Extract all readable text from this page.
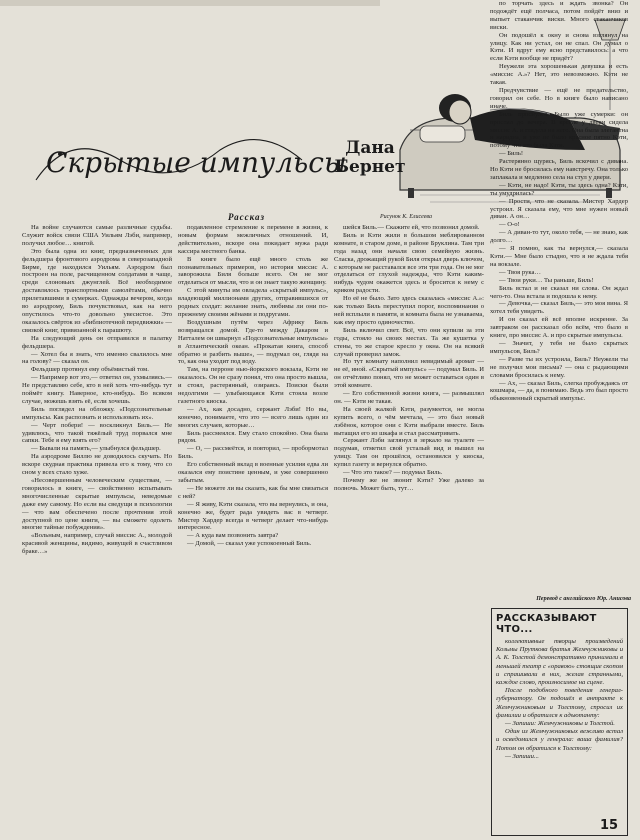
Скрытые импульсы
Дана Бернет
Рассказ	Рисунок К. Елисеева

На войне случаются самые различные судьбы. Служит войск связи США Уильям Лэби, например, получил любое… книгой.

Это была одна из книг, предназначенных для фельдшера фронтового аэродрома в северозападной Бирме, где находился Уильям. Аэродром был построен на поле, расчищенном солдатами в чаще, среди слоновьих джунглей. Всё необходимое доставлялось транспортными самолётами, обычно прилетавшими в сумерках. Однажды вечером, когда во аэродрому, Биль почувствовал, как на него опустилось что-то довольно увесистое. Это оказалось свёрток из «библиотечной передвижки» — связкой книг, привязанной к парашюту.

На следующий день он отправился в палатку фельдшера.

— Хотел бы я знать, что именно свалилось мне на голову? — сказал он.

Фельдшер протянул ему объёмистый том.

— Например вот это,— ответил он, ухмыляясь.— Не представляю себе, кто в ней хоть что-нибудь тут поймёт книгу. Наверное, кто-нибудь. Во всяком случае, можешь взять её, если хочешь.

Биль поглядел на обложку. «Подсознательные импульсы. Как распознать и использовать их».

— Черт побери! — воскликнул Биль.— Не удивлюсь, что такой тяжёлый труд порвался мне сапки. Тебе я ему взять его?

— Бывали на память,— улыбнулся фельдшер.

На аэродроме Биллю не доводилось скучать. Но вскоре скудная практика привела его к тому, что со сном у всех стало хуже.

«Несовершенным человеческим существам, — говорилось в книге, — свойственно испытывать многочисленные скрытые импульсы, неведомые даже ему самому. Но если вы сведущи в психологии — что вам обеспечено после прочтения этой доступной по цене книги, — вы сможете одолеть многие тайные побуждения».

«Вольным, например, случай миссис А., молодой красивой женщины, видимо, живущей в счастливом браке…»

подавленное стремление к перемене в жизни, к новым формам межличных отношений. И, действительно, вскоре она покидает мужа ради кассира местного банка.

В книге было ещё много столь же познавательных примеров, но история миссис А. заворожила Биля больше всего. Он не мог отделаться от мысли, что и он знает такую женщину.

С этой минуты им овладела «скрытый импульс», владеющий миллионами других, отправившихся от родных солдат: желание знать, любимы ли они по-прежнему своими жёнами и подругами.

Воздушным путём через Африку Биль возвращался домой. Где-то между Дакаром и Натталем он швырнул «Подсознательные импульсы» в Атлантический океан. «Прокатая книга, способ обратно и разбить выше», — подумал он, глядя на то, как она уходит под воду.

Там, на перроне нью-йоркского вокзала, Кэти не оказалось. Он не сразу понял, что она просто вышла, и стоял, растерянный, озираясь. Поиски были недолгими — улыбающаяся Кэти стояла возле газетного киоска.

— Ах, как досадно, сержант Лэби! Но вы, конечно, понимаете, что это — всего лишь один из многих случаев, которые…

Биль рассмеялся. Ему стало спокойно. Она была рядом.

— О, — рассмеётся, и повторил, — пробормотал Биль.

Его собственный вклад в военные усилия едва ли оказался ему поистине ценным, и уже совершенно забытым.

— Не можете ли вы сказать, как бы мне связаться с ней?

— Я живу, Кэти сказала, что вы вернулись, и она, конечно же, будет рада увидеть вас в четверг. Мистер Хардер всегда в четверг делает что-нибудь интересное.

— А куда вам позвонить завтра?

— Домой, — сказал уже успокоенный Биль.

шейся Биль.— Скажите ей, что позвонил домой.

Биль и Кэти жили в большом меблированном комнате, в старом доме, в районе Бруклина. Там три года назад они начали свою семейную жизнь. Сласка, дрожащий рукой Биля открыл дверь ключом, с которым не расставался все эти три года. Он не мог отделаться от глухой надежды, что Кэти каким-нибудь чудом окажется здесь и бросится к нему с криком радости.

Но её не было. Зато здесь сказалась «миссис А.»: как только Биль переступил порог, воспоминания о ней всплыли в памяти, и комната была не узнаваема, как ему просто одиночество.

Биль включил свет. Всё, что они купили за эти годы, стояло на своих местах. Та же кушетка у стены, то же старое кресло у окна. Он на всякий случай проверил замок.

Но тут комнату наполнил невидимый аромат — не её, иной. «Скрытый импульс» — подумал Биль. И он отчётливо понял, что не может оставаться один в этой комнате.

— Его собственной жизни книга, — размышлял он. — Кэти не такая.

На своей жалкой Кэти, разумеется, не могла купить всего, о чём мечтала, — это был новый лэбёнок, которое они с Кэти выбрали вместе. Биль вытащил его из шкафа и стал рассматривать.

Сержант Лэби заглянул в зеркало на туалете — подумав, отметил свой усталый вид и вышел на улицу. Там он прошёлся, остановился у киоска, купил газету и вернулся обратно.

— Что это такое? — подумал Биль.

Почему же не звонит Кэти? Уже далеко за полночь. Может быть, тут…

по торчать здесь и ждать звонка? Он подождёт ещё полчаса, потом пойдёт вниз и выпьет стаканчик виски. Много стаканчиков виски.

Он подошёл к окну и снова взглянул на улицу. Как ни устал, он не спал. Он думал о Кэти. И вдруг ему ясно представилось: а что если Кэти вообще не придёт?

Неужели эта хорошенькая девушка и есть «миссис А.»? Нет, это невозможно. Кэти не такая.

Предчувствие — ещё не предательство, говорил он себе. Но в книге было написано иначе.

Биль проснулся. Было уже сумерки: он проспал до вечера. В кресле у двери сидела миссис А. и глядела на него. Она была элегантна и нарядна, и уже не было красное пятно Кэти, потому что это была Кэти.

— Биль!

Растерянно щурясь, Биль вскочил с дивана. Но Кэти не бросилась ему навстречу. Она только заплакала и медленно села на стул у двери.

— Кэти, не надо! Кэти, ты здесь одна? Кэти, ты умудрилась?

— Прости, что не сказала. Мистер Хардер устроил. Я сказала ему, что мне нужен новый диван. А он…

— О-о!

— А диван-то тут, около тебя, — не знаю, как долго…

— Я помню, как ты вернулся,— сказала Кэти.— Мне было стыдно, что я не ждала тебя на вокзале.

— Твоя рука…

— Твои руки… Ты раньше, Биль!

Биль встал и не сказал ни слова. Он ждал чего-то. Она встала и подошла к нему.

— Девочка,— сказал Биль,— это моя вина. Я хотел тебя увидеть.

И он сказал ей всё вполне искренне. За завтраком он рассказал обо всём, что было в книге, про миссис А. и про скрытые импульсы.

— Значит, у тебя не было скрытых импульсов, Биль?

— Разве ты их устроила, Биль? Неужели ты не получил мои письма? — она с рыдающими словами бросилась к нему.

— Ах, — сказал Биль, слегка пробуждаясь от кошмара, — да, я понимаю. Ведь это был просто обыкновенный скрытый импульс.

Перевод с английского Юр. Анисова
РАССКАЗЫВАЮТ ЧТО...

коллективные творцы произведений Козьмы Пруткова братья Жемчужниковы и А. К. Толстой демонстративно принимали в меньшей театр с «оравою» стоящие скопом и спрашивали в них, желая странными, каждое слово, произносимое на сцене.

После подобного поведения генерал-губернатору. Он подошёл в антракте к Жемчужниковым и Толстому, спросил их фамилии и обратился к адъютанту:

— Запиши: Жемчужниковы и Толстой.

Один из Жемчужниковых вежливо встал и осведомился у генерала: ваша фамилия? Потом он обратился к Толстому:

— Запиши...

15
